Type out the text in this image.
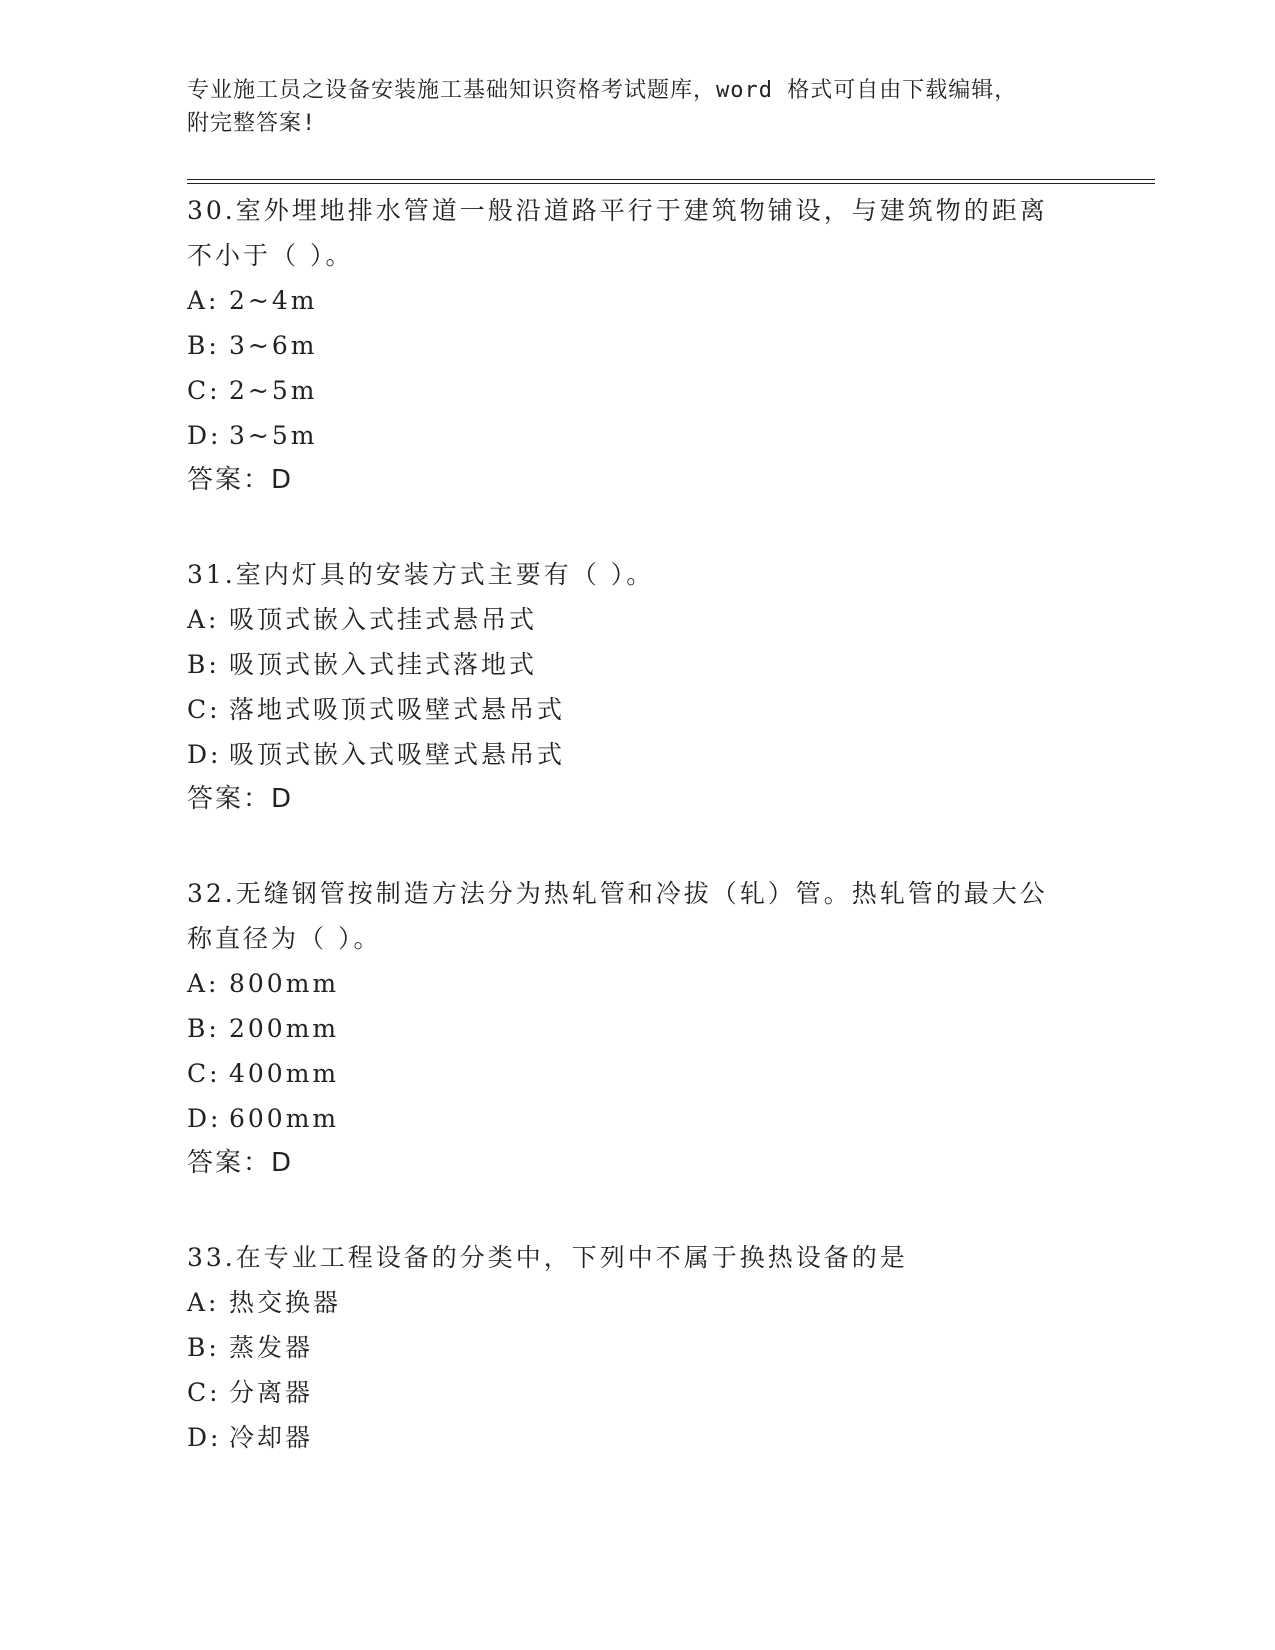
专业施工员之设备安装施工基础知识资格考试题库，word 格式可自由下载编辑，
附完整答案!
30.室外埋地排水管道一般沿道路平行于建筑物铺设，与建筑物的距离
不小于（ ）。
A: 2~4m
B: 3~6m
C: 2~5m
D: 3~5m
答案：D
31.室内灯具的安装方式主要有（ ）。
A: 吸顶式嵌入式挂式悬吊式
B: 吸顶式嵌入式挂式落地式
C: 落地式吸顶式吸壁式悬吊式
D: 吸顶式嵌入式吸壁式悬吊式
答案：D
32.无缝钢管按制造方法分为热轧管和冷拔（轧）管。热轧管的最大公
称直径为（ ）。
A: 800mm
B: 200mm
C: 400mm
D: 600mm
答案：D
33.在专业工程设备的分类中，下列中不属于换热设备的是
A: 热交换器
B: 蒸发器
C: 分离器
D: 冷却器
